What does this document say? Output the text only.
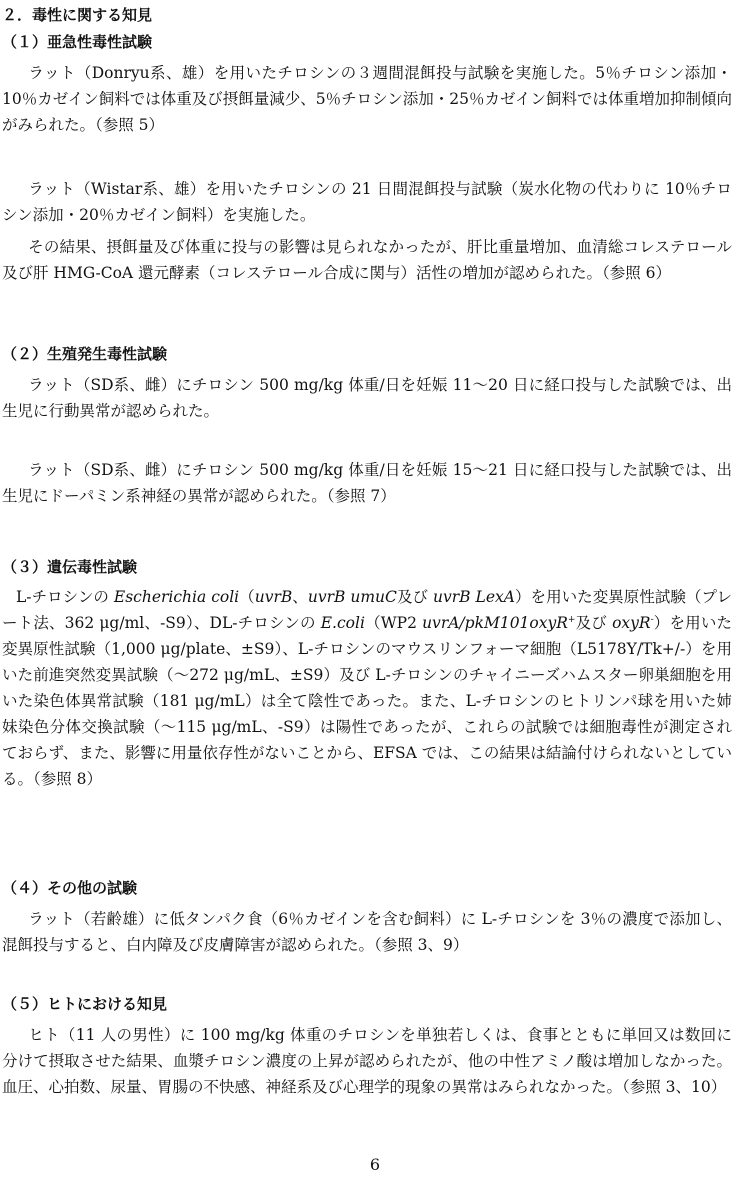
２．毒性に関する知見
（１）亜急性毒性試験
ラット（Donryu系、雄）を用いたチロシンの３週間混餌投与試験を実施した。5％チロシン添加・10％カゼイン飼料では体重及び摂餌量減少、5％チロシン添加・25％カゼイン飼料では体重増加抑制傾向がみられた。（参照 5）
ラット（Wistar系、雄）を用いたチロシンの 21 日間混餌投与試験（炭水化物の代わりに 10％チロシン添加・20％カゼイン飼料）を実施した。
その結果、摂餌量及び体重に投与の影響は見られなかったが、肝比重量増加、血清総コレステロール及び肝 HMG-CoA 還元酵素（コレステロール合成に関与）活性の増加が認められた。（参照 6）
（２）生殖発生毒性試験
ラット（SD系、雌）にチロシン 500 mg/kg 体重/日を妊娠 11～20 日に経口投与した試験では、出生児に行動異常が認められた。
ラット（SD系、雌）にチロシン 500 mg/kg 体重/日を妊娠 15～21 日に経口投与した試験では、出生児にドーパミン系神経の異常が認められた。（参照 7）
（３）遺伝毒性試験
L-チロシンの Escherichia coli（uvrB、uvrB umuC及び uvrB LexA）を用いた変異原性試験（プレート法、362 μg/ml、-S9）、DL-チロシンの E.coli（WP2 uvrA/pkM101oxyR+及び oxyR-）を用いた変異原性試験（1,000 μg/plate、±S9）、L-チロシンのマウスリンフォーマ細胞（L5178Y/Tk+/-）を用いた前進突然変異試験（～272 μg/mL、±S9）及び L-チロシンのチャイニーズハムスター卵巣細胞を用いた染色体異常試験（181 μg/mL）は全て陰性であった。また、L-チロシンのヒトリンパ球を用いた姉妹染色分体交換試験（～115 μg/mL、-S9）は陽性であったが、これらの試験では細胞毒性が測定されておらず、また、影響に用量依存性がないことから、EFSA では、この結果は結論付けられないとしている。（参照 8）
（４）その他の試験
ラット（若齢雄）に低タンパク食（6％カゼインを含む飼料）に L-チロシンを 3％の濃度で添加し、混餌投与すると、白内障及び皮膚障害が認められた。（参照 3、9）
（５）ヒトにおける知見
ヒト（11 人の男性）に 100 mg/kg 体重のチロシンを単独若しくは、食事とともに単回又は数回に分けて摂取させた結果、血漿チロシン濃度の上昇が認められたが、他の中性アミノ酸は増加しなかった。血圧、心拍数、尿量、胃腸の不快感、神経系及び心理学的現象の異常はみられなかった。（参照 3、10）
6
